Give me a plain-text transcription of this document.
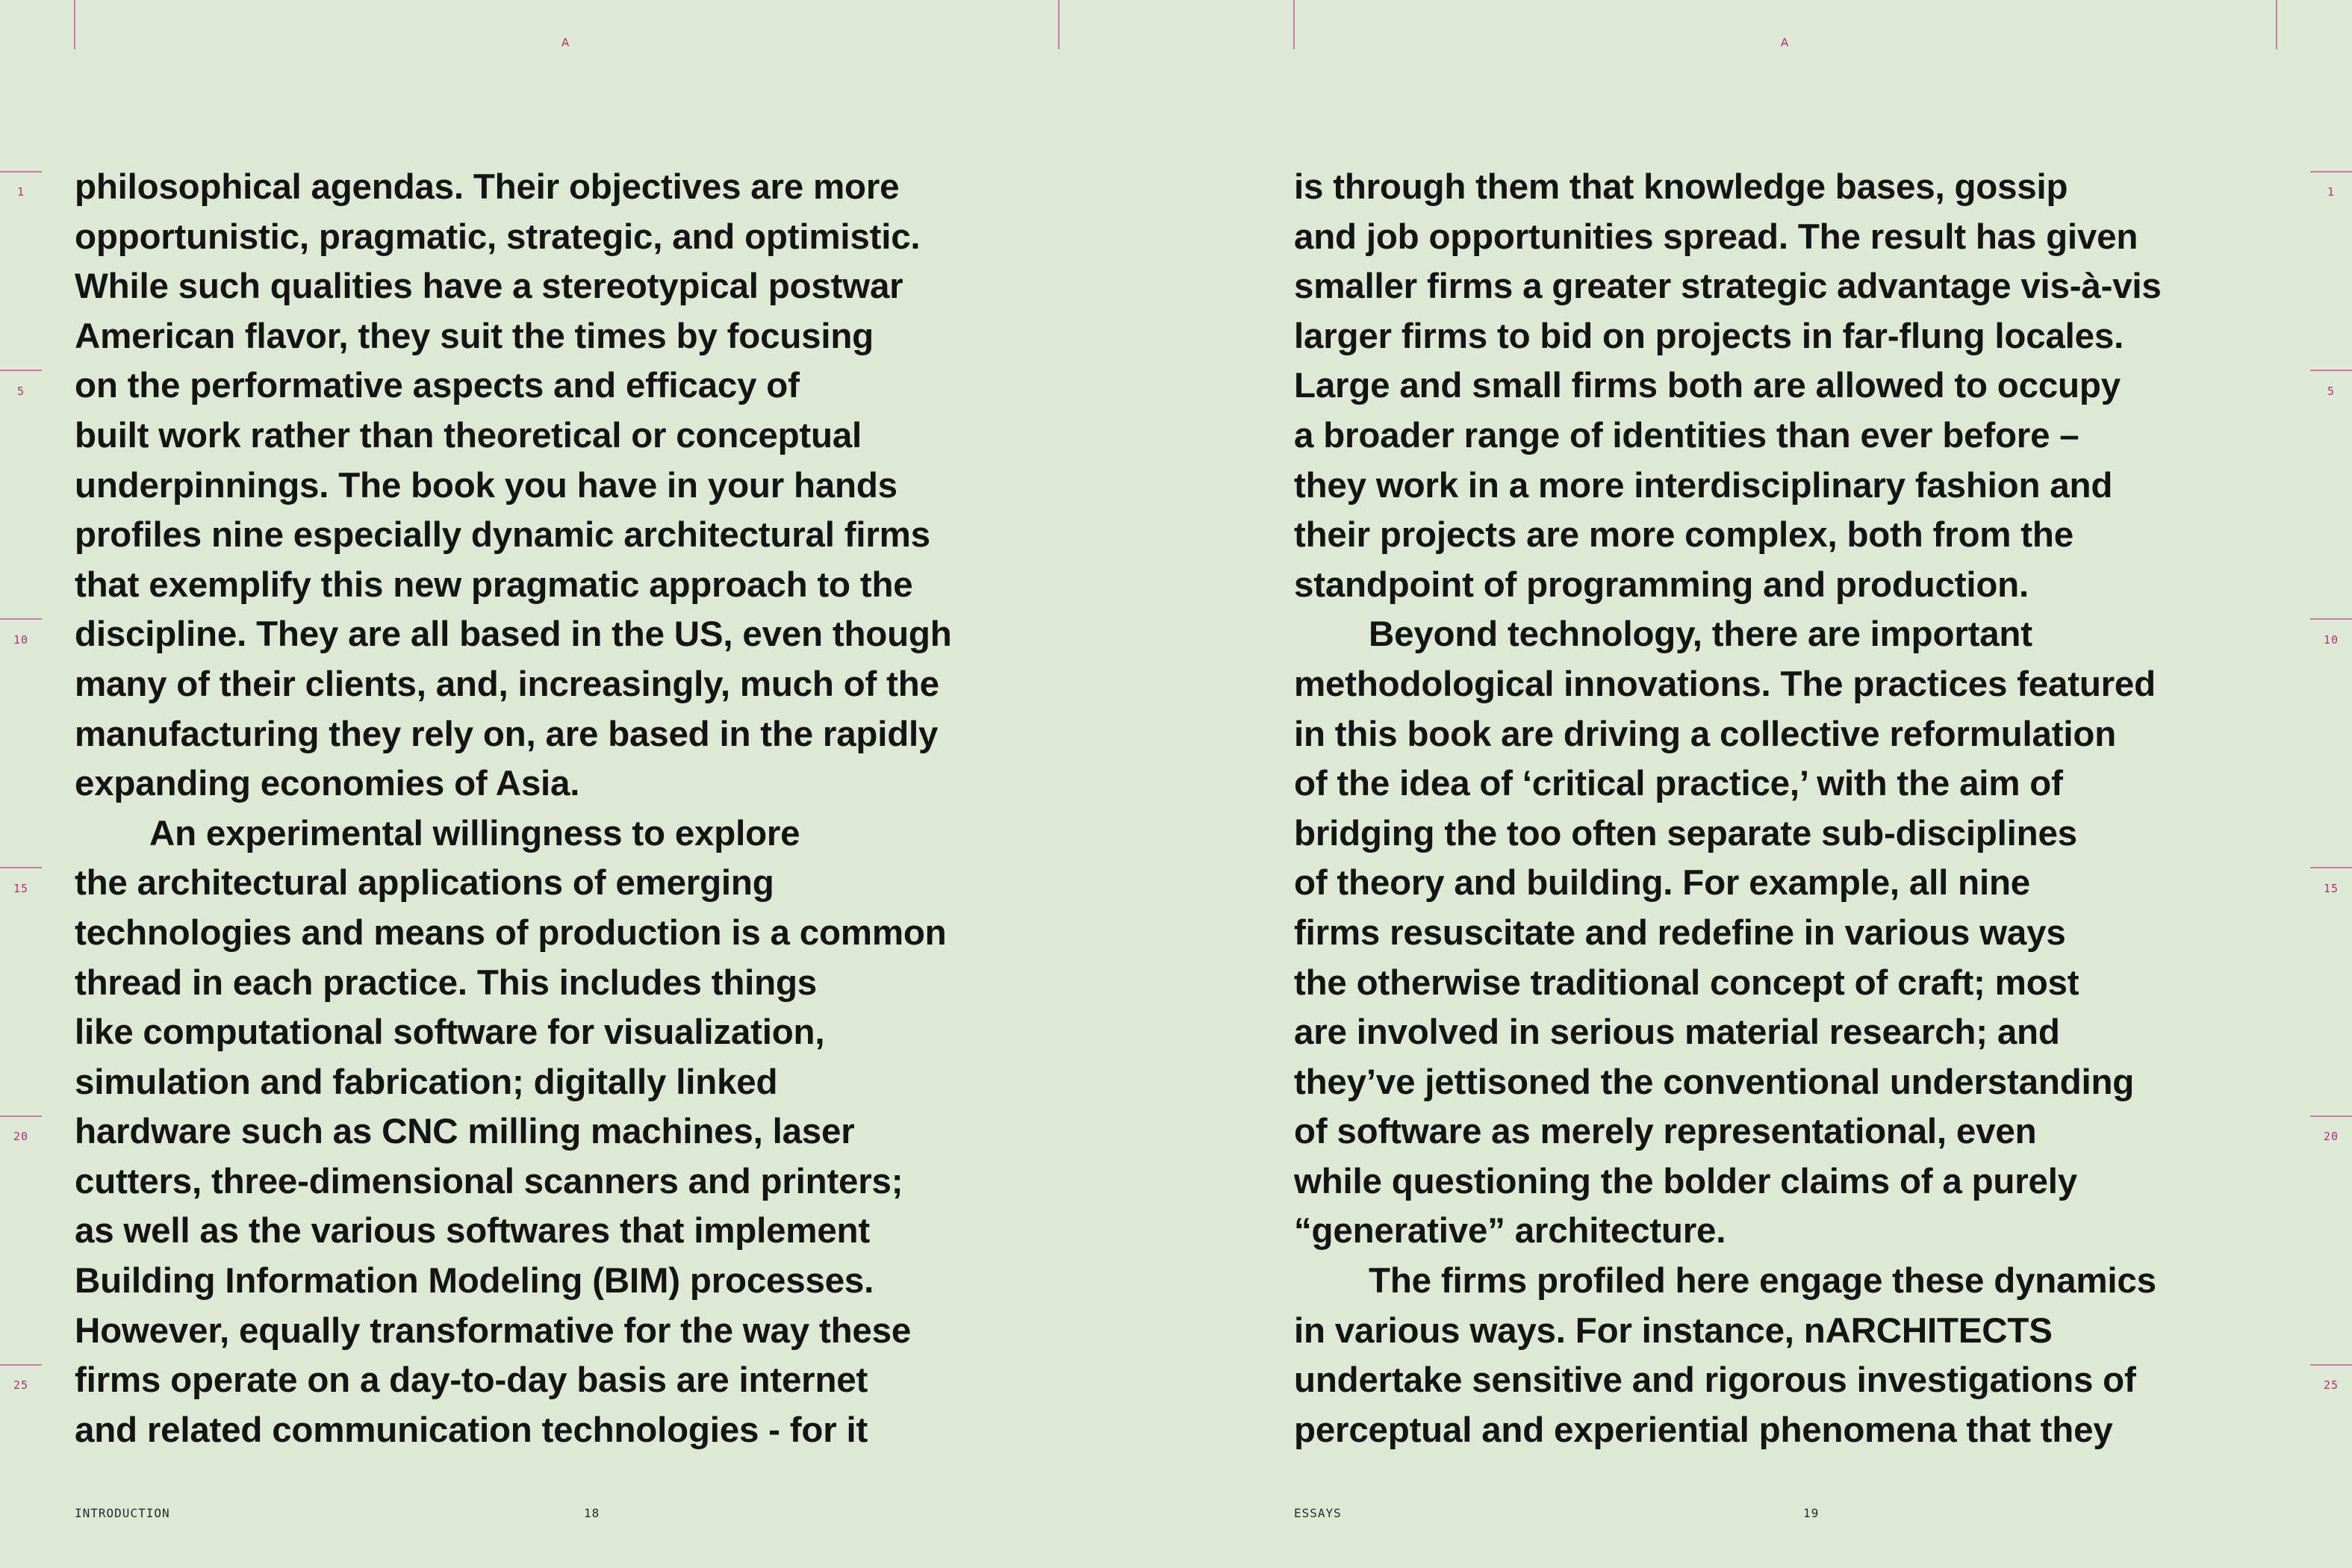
A	A
1
5
10
15
20
25
1
5
10
15
20
25
philosophical agendas. Their objectives are more
opportunistic, pragmatic, strategic, and optimistic.
While such qualities have a stereotypical postwar
American flavor, they suit the times by focusing
on the performative aspects and efficacy of
built work rather than theoretical or conceptual
underpinnings. The book you have in your hands
profiles nine especially dynamic architectural firms
that exemplify this new pragmatic approach to the
discipline. They are all based in the US, even though
many of their clients, and, increasingly, much of the
manufacturing they rely on, are based in the rapidly
expanding economies of Asia.
An experimental willingness to explore
the architectural applications of emerging
technologies and means of production is a common
thread in each practice. This includes things
like computational software for visualization,
simulation and fabrication; digitally linked
hardware such as CNC milling machines, laser
cutters, three-dimensional scanners and printers;
as well as the various softwares that implement
Building Information Modeling (BIM) processes.
However, equally transformative for the way these
firms operate on a day-to-day basis are internet
and related communication technologies - for it
is through them that knowledge bases, gossip
and job opportunities spread. The result has given
smaller firms a greater strategic advantage vis-à-vis
larger firms to bid on projects in far-flung locales.
Large and small firms both are allowed to occupy
a broader range of identities than ever before –
they work in a more interdisciplinary fashion and
their projects are more complex, both from the
standpoint of programming and production.
Beyond technology, there are important
methodological innovations. The practices featured
in this book are driving a collective reformulation
of the idea of ‘critical practice,’ with the aim of
bridging the too often separate sub-disciplines
of theory and building. For example, all nine
firms resuscitate and redefine in various ways
the otherwise traditional concept of craft; most
are involved in serious material research; and
they’ve jettisoned the conventional understanding
of software as merely representational, even
while questioning the bolder claims of a purely
“generative” architecture.
The firms profiled here engage these dynamics
in various ways. For instance, nARCHITECTS
undertake sensitive and rigorous investigations of
perceptual and experiential phenomena that they
INTRODUCTION	18	ESSAYS	19
